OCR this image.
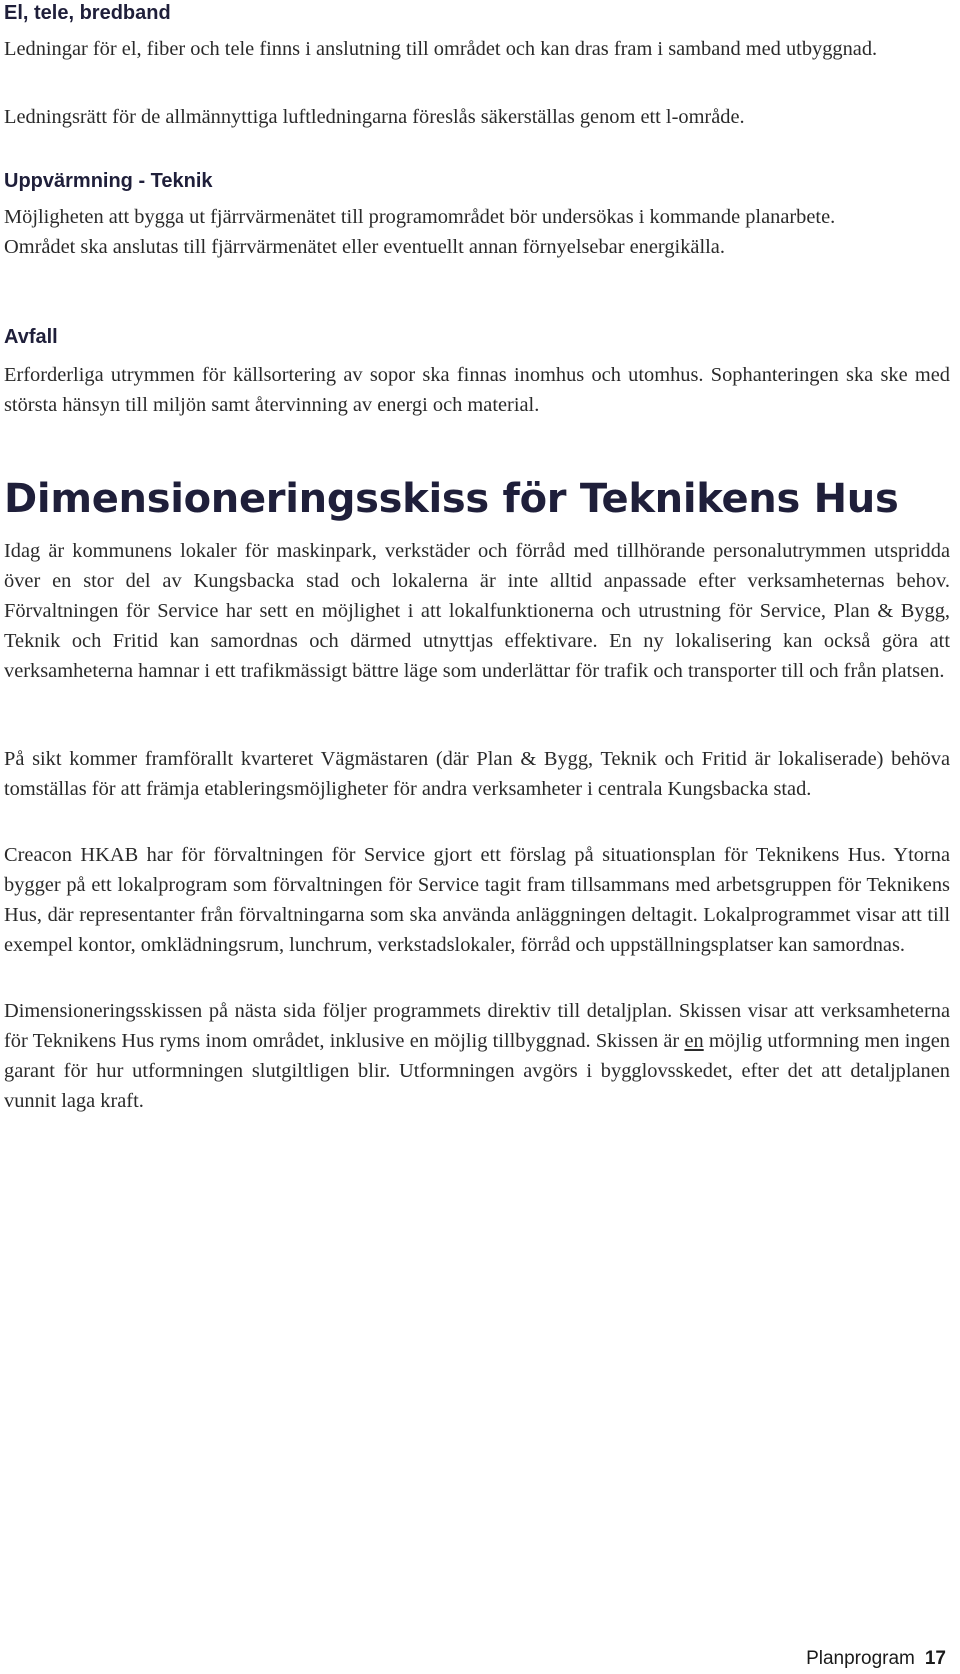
El, tele, bredband

Ledningar för el, fiber och tele finns i anslutning till området och kan dras fram i samband med utbyggnad.

Ledningsrätt för de allmännyttiga luftledningarna föreslås säkerställas genom ett l-område.

Uppvärmning - Teknik

Möjligheten att bygga ut fjärrvärmenätet till programområdet bör undersökas i kommande planarbete. Området ska anslutas till fjärrvärmenätet eller eventuellt annan förnyelsebar energikälla.

Avfall

Erforderliga utrymmen för källsortering av sopor ska finnas inomhus och utomhus. Sophanteringen ska ske med största hänsyn till miljön samt återvinning av energi och material.

Dimensioneringsskiss för Teknikens Hus

Idag är kommunens lokaler för maskinpark, verkstäder och förråd med tillhörande personalutrymmen utspridda över en stor del av Kungsbacka stad och lokalerna är inte alltid anpassade efter verksamheternas behov. Förvaltningen för Service har sett en möjlighet i att lokalfunktionerna och utrustning för Service, Plan & Bygg, Teknik och Fritid kan samordnas och därmed utnyttjas effektivare. En ny lokalisering kan också göra att verksamheterna hamnar i ett trafikmässigt bättre läge som underlättar för trafik och transporter till och från platsen.

På sikt kommer framförallt kvarteret Vägmästaren (där Plan & Bygg, Teknik och Fritid är lokaliserade) behöva tomställas för att främja etableringsmöjligheter för andra verksamheter i centrala Kungsbacka stad.

Creacon HKAB har för förvaltningen för Service gjort ett förslag på situationsplan för Teknikens Hus. Ytorna bygger på ett lokalprogram som förvaltningen för Service tagit fram tillsammans med arbetsgruppen för Teknikens Hus, där representanter från förvaltningarna som ska använda anläggningen deltagit. Lokalprogrammet visar att till exempel kontor, omklädningsrum, lunchrum, verkstadslokaler, förråd och uppställningsplatser kan samordnas.

Dimensioneringsskissen på nästa sida följer programmets direktiv till detaljplan. Skissen visar att verksamheterna för Teknikens Hus ryms inom området, inklusive en möjlig tillbyggnad. Skissen är en möjlig utformning men ingen garant för hur utformningen slutgiltligen blir. Utformningen avgörs i bygglovsskedet, efter det att detaljplanen vunnit laga kraft.

Planprogram 17
